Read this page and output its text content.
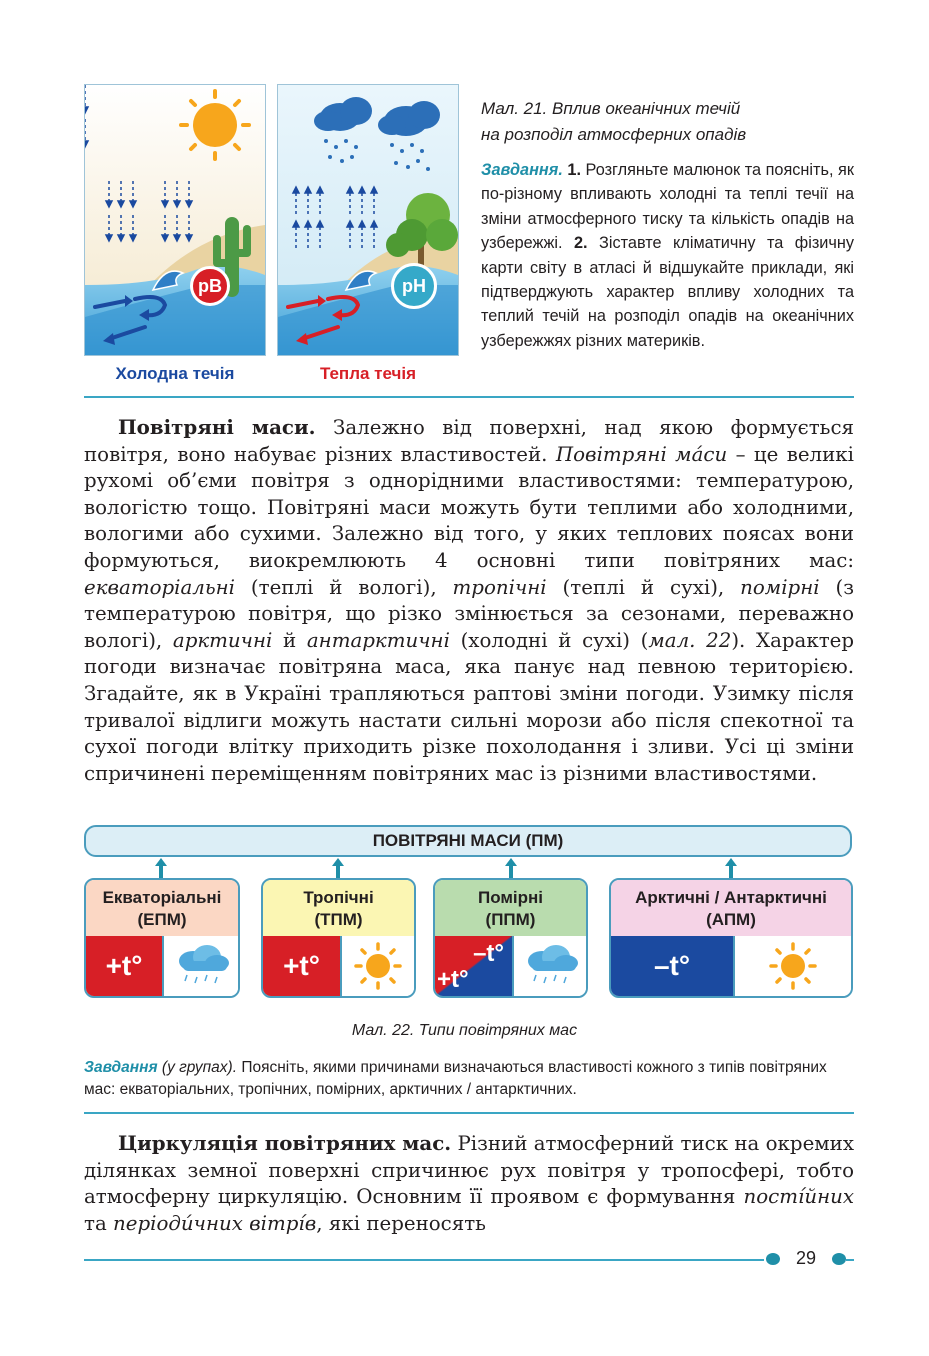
рВ	рН
Холодна течія	Тепла течія
Мал. 21. Вплив океанічних течій
на розподіл атмосферних опадів
Завдання. 1. Розгляньте малюнок та поясніть, як по-різному впливають холодні та теплі течії на зміни атмосферного тиску та кількість опадів на узбережжі. 2. Зіставте кліматичну та фізичну карти світу в атласі й відшукайте приклади, які підтверджують характер впливу холодних та теплий течій на розподіл опадів на океанічних узбережжях різних материків.

Повітряні маси. Залежно від поверхні, над якою формується повітря, воно набуває різних властивостей. Повітряні ма́си – це великі рухомі об’єми повітря з однорідними властивостями: температурою, вологістю тощо. Повітряні маси можуть бути теплими або холодними, вологими або сухими. Залежно від того, у яких теплових поясах вони формуються, виокремлюють 4 основні типи повітряних мас: екваторіальні (теплі й вологі), тропічні (теплі й сухі), помірні (з температурою повітря, що різко змінюється за сезонами, переважно вологі), арктичні й антарктичні (холодні й сухі) (мал. 22). Характер погоди визначає повітряна маса, яка панує над певною територією. Згадайте, як в Україні трапляються раптові зміни погоди. Узимку після тривалої відлиги можуть настати сильні морози або після спекотної та сухої погоди влітку приходить різке похолодання і зливи. Усі ці зміни спричинені переміщенням повітряних мас із різними властивостями.

ПОВІТРЯНІ МАСИ (ПМ)
Екваторіальні
(ЕПМ)
+t°
Тропічні
(ТПМ)
+t°
Помірні
(ППМ)
–t°
+t°
Арктичні / Антарктичні
(АПМ)
–t°
Мал. 22. Типи повітряних мас
Завдання (у групах). Поясніть, якими причинами визначаються властивості кожного з типів повітряних мас: екваторіальних, тропічних, помірних, арктичних / антарктичних.

Циркуляція повітряних мас. Різний атмосферний тиск на окремих ділянках земної поверхні спричинює рух повітря у тропосфері, тобто атмосферну циркуляцію. Основним її проявом є формування постíйних та періоди́чних вітрíв, які переносять

29
